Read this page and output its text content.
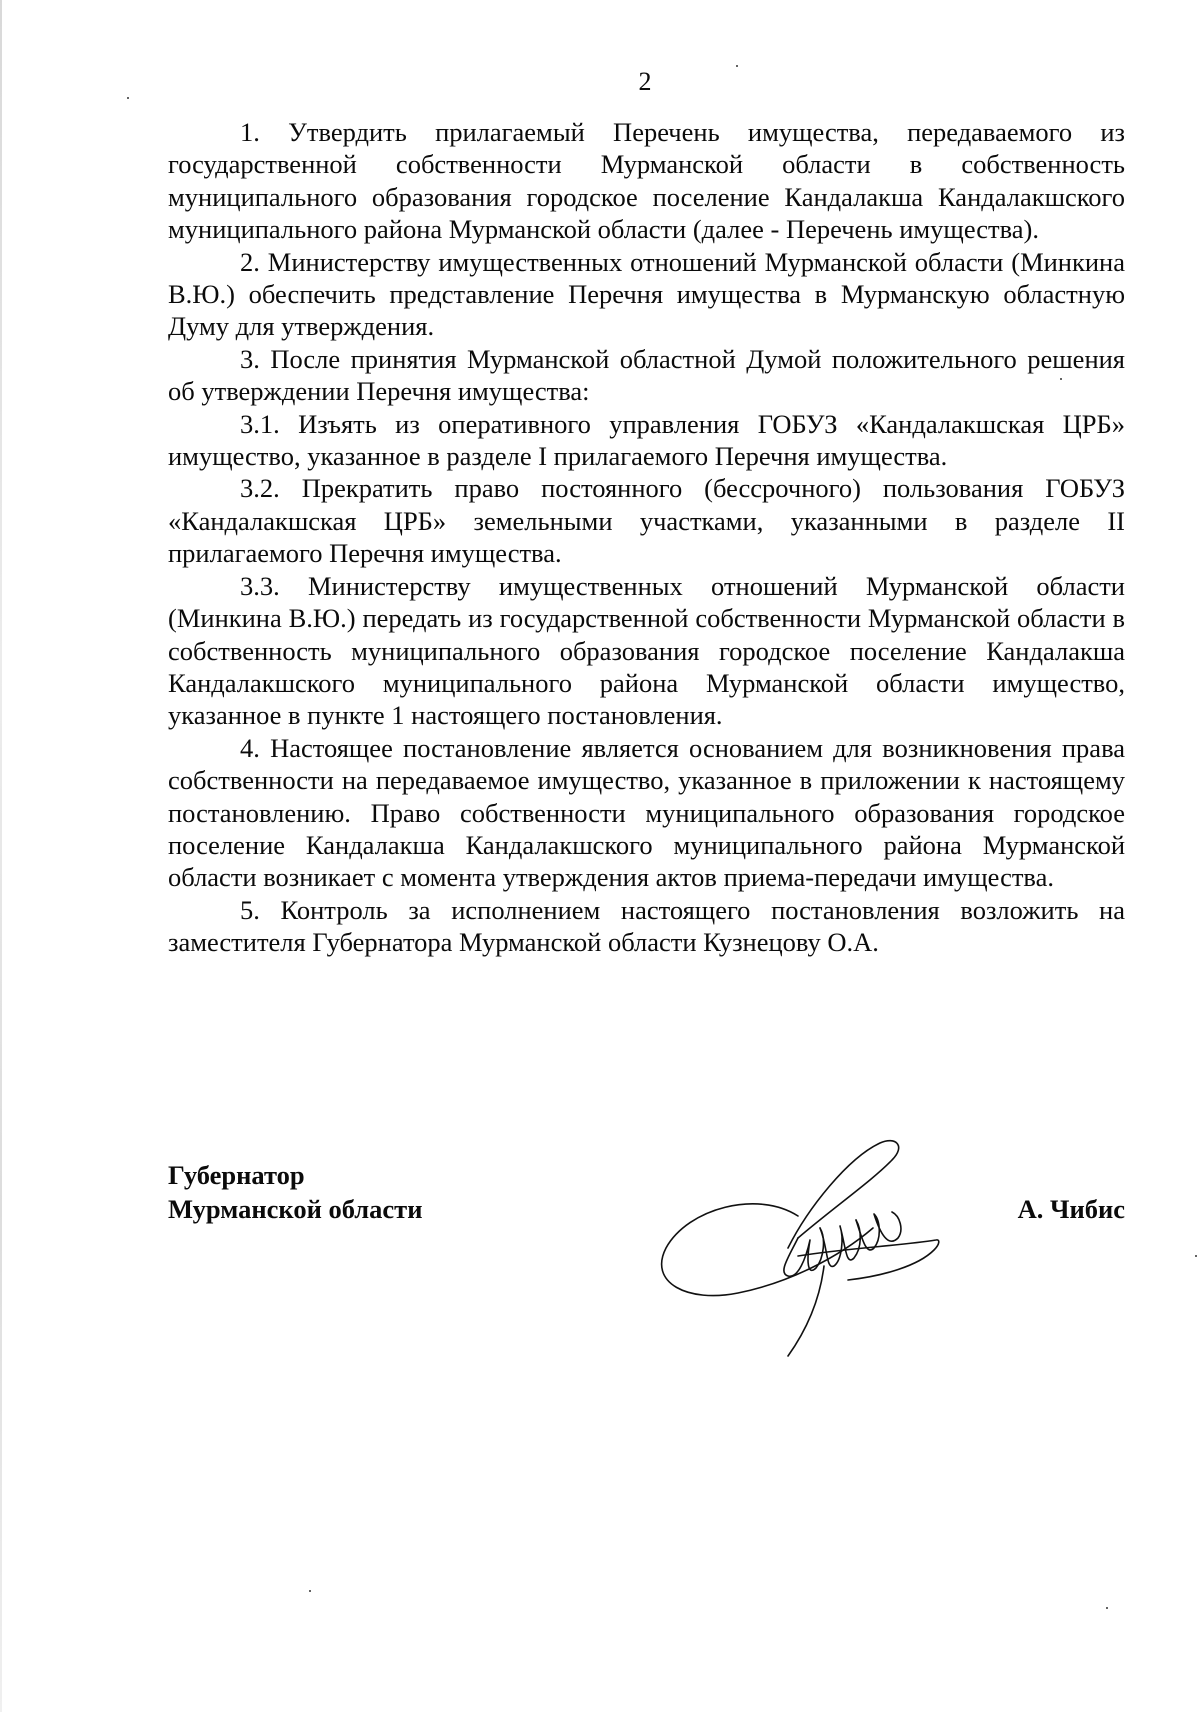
2

1. Утвердить прилагаемый Перечень имущества, передаваемого из государственной собственности Мурманской области в собственность муниципального образования городское поселение Кандалакша Кандалакшского муниципального района Мурманской области (далее - Перечень имущества).

2. Министерству имущественных отношений Мурманской области (Минкина В.Ю.) обеспечить представление Перечня имущества в Мурманскую областную Думу для утверждения.

3. После принятия Мурманской областной Думой положительного решения об утверждении Перечня имущества:

3.1. Изъять из оперативного управления ГОБУЗ «Кандалакшская ЦРБ» имущество, указанное в разделе I прилагаемого Перечня имущества.

3.2. Прекратить право постоянного (бессрочного) пользования ГОБУЗ «Кандалакшская ЦРБ» земельными участками, указанными в разделе II прилагаемого Перечня имущества.

3.3. Министерству имущественных отношений Мурманской области (Минкина В.Ю.) передать из государственной собственности Мурманской области в собственность муниципального образования городское поселение Кандалакша Кандалакшского муниципального района Мурманской области имущество, указанное в пункте 1 настоящего постановления.

4. Настоящее постановление является основанием для возникновения права собственности на передаваемое имущество, указанное в приложении к настоящему постановлению. Право собственности муниципального образования городское поселение Кандалакша Кандалакшского муниципального района Мурманской области возникает с момента утверждения актов приема-передачи имущества.

5. Контроль за исполнением настоящего постановления возложить на заместителя Губернатора Мурманской области Кузнецову О.А.

Губернатор
Мурманской области	А. Чибис
